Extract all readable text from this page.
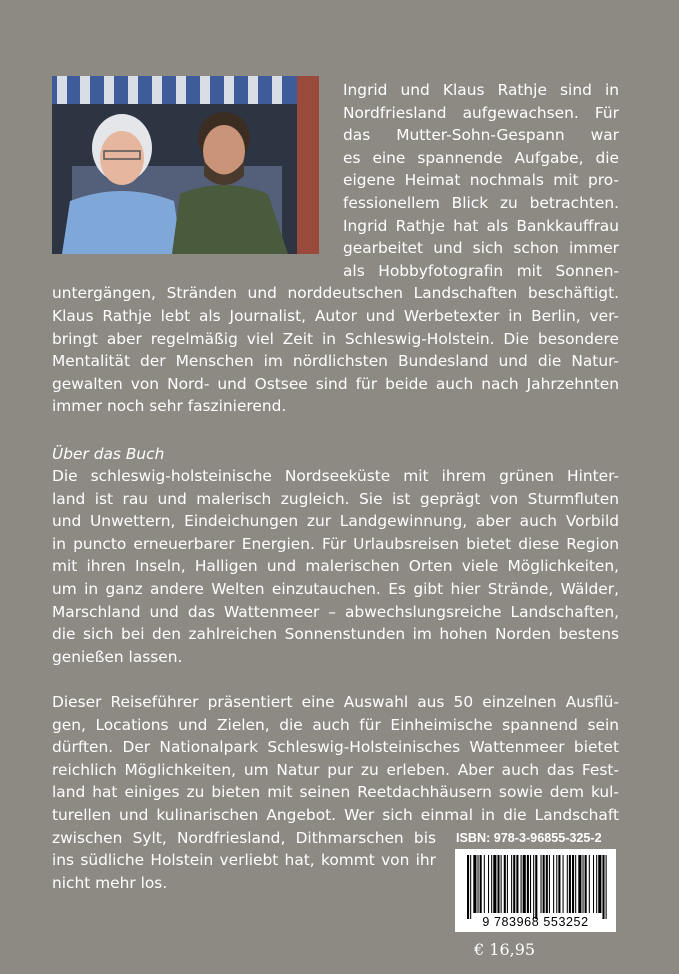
Ingrid und Klaus Rathje sind in
Nordfriesland aufgewachsen. Für
das Mutter-Sohn-Gespann war
es eine spannende Aufgabe, die
eigene Heimat nochmals mit pro-
fessionellem Blick zu betrachten.
Ingrid Rathje hat als Bankkauffrau
gearbeitet und sich schon immer
als Hobbyfotografin mit Sonnen-
untergängen, Stränden und norddeutschen Landschaften beschäftigt.
Klaus Rathje lebt als Journalist, Autor und Werbetexter in Berlin, ver-
bringt aber regelmäßig viel Zeit in Schleswig-Holstein. Die besondere
Mentalität der Menschen im nördlichsten Bundesland und die Natur-
gewalten von Nord- und Ostsee sind für beide auch nach Jahrzehnten
immer noch sehr faszinierend.
Über das Buch
Die schleswig-holsteinische Nordseeküste mit ihrem grünen Hinter-
land ist rau und malerisch zugleich. Sie ist geprägt von Sturmfluten
und Unwettern, Eindeichungen zur Landgewinnung, aber auch Vorbild
in puncto erneuerbarer Energien. Für Urlaubsreisen bietet diese Region
mit ihren Inseln, Halligen und malerischen Orten viele Möglichkeiten,
um in ganz andere Welten einzutauchen. Es gibt hier Strände, Wälder,
Marschland und das Wattenmeer – abwechslungsreiche Landschaften,
die sich bei den zahlreichen Sonnenstunden im hohen Norden bestens
genießen lassen.
Dieser Reiseführer präsentiert eine Auswahl aus 50 einzelnen Ausflü-
gen, Locations und Zielen, die auch für Einheimische spannend sein
dürften. Der Nationalpark Schleswig-Holsteinisches Wattenmeer bietet
reichlich Möglichkeiten, um Natur pur zu erleben. Aber auch das Fest-
land hat einiges zu bieten mit seinen Reetdachhäusern sowie dem kul-
turellen und kulinarischen Angebot. Wer sich einmal in die Landschaft
zwischen Sylt, Nordfriesland, Dithmarschen bis
ins südliche Holstein verliebt hat, kommt von ihr
nicht mehr los.
ISBN: 978-3-96855-325-2
9 783968 553252
€ 16,95
